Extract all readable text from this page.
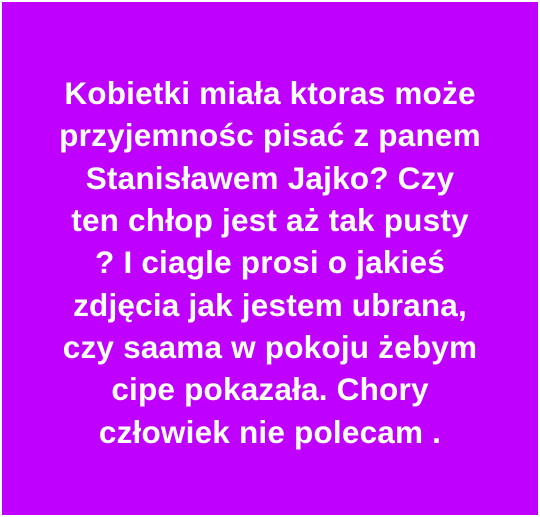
Kobietki miała ktoras może
przyjemnośc pisać z panem
Stanisławem Jajko? Czy
ten chłop jest aż tak pusty
? I ciagle prosi o jakieś
zdjęcia jak jestem ubrana,
czy saama w pokoju żebym
cipe pokazała. Chory
człowiek nie polecam .
